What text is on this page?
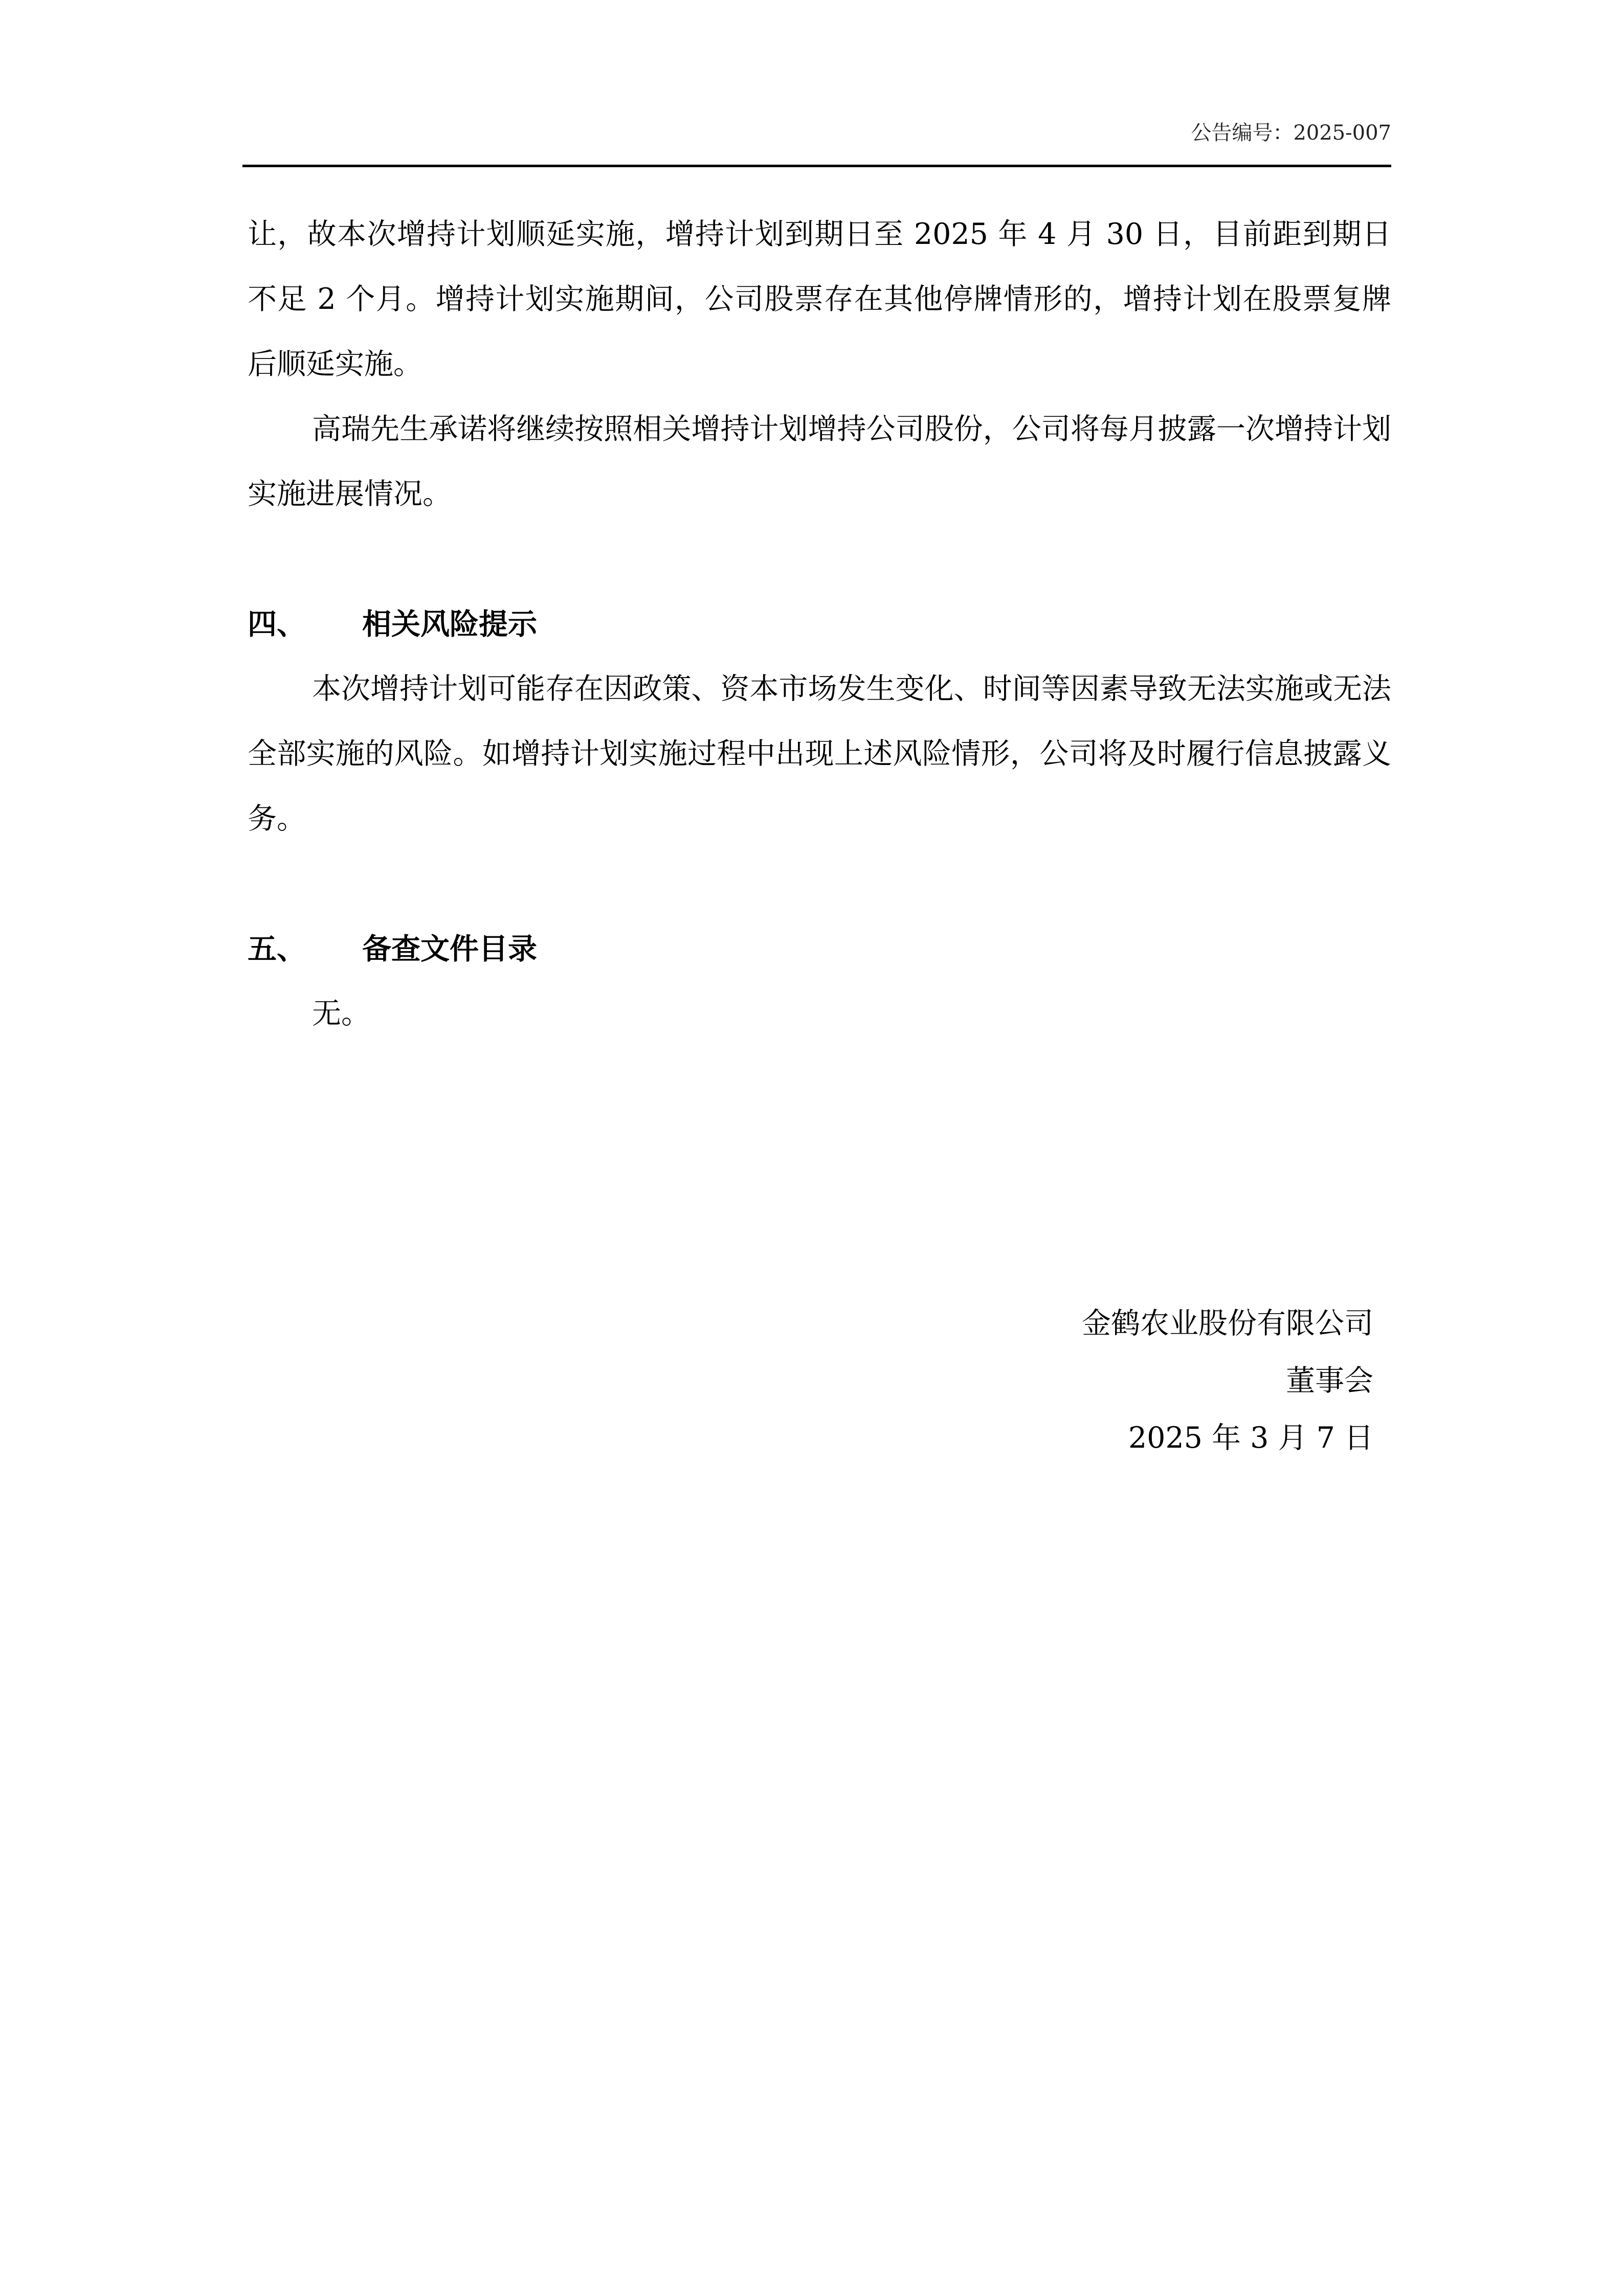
公告编号：2025-007

让，故本次增持计划顺延实施，增持计划到期日至 2025 年 4 月 30 日，目前距到期日不足 2 个月。增持计划实施期间，公司股票存在其他停牌情形的，增持计划在股票复牌后顺延实施。

高瑞先生承诺将继续按照相关增持计划增持公司股份，公司将每月披露一次增持计划实施进展情况。

四、 相关风险提示

本次增持计划可能存在因政策、资本市场发生变化、时间等因素导致无法实施或无法全部实施的风险。如增持计划实施过程中出现上述风险情形，公司将及时履行信息披露义务。

五、 备查文件目录

无。

金鹤农业股份有限公司
董事会
2025 年 3 月 7 日
